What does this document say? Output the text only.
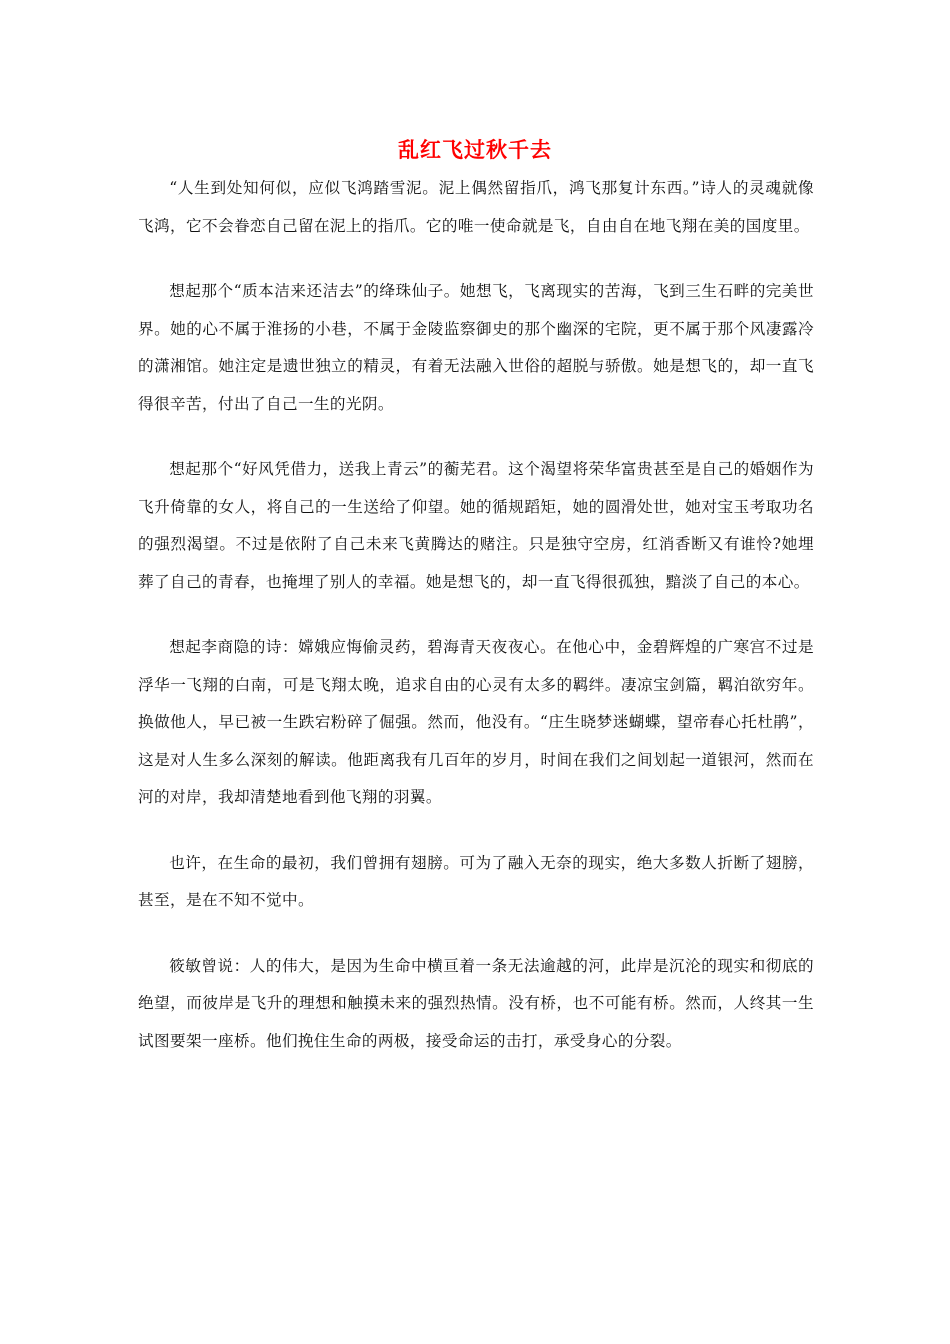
乱红飞过秋千去

“人生到处知何似，应似飞鸿踏雪泥。泥上偶然留指爪，鸿飞那复计东西。”诗人的灵魂就像飞鸿，它不会眷恋自己留在泥上的指爪。它的唯一使命就是飞，自由自在地飞翔在美的国度里。

想起那个“质本洁来还洁去”的绛珠仙子。她想飞，飞离现实的苦海，飞到三生石畔的完美世界。她的心不属于淮扬的小巷，不属于金陵监察御史的那个幽深的宅院，更不属于那个风凄露冷的潇湘馆。她注定是遗世独立的精灵，有着无法融入世俗的超脱与骄傲。她是想飞的，却一直飞得很辛苦，付出了自己一生的光阴。

想起那个“好风凭借力，送我上青云”的蘅芜君。这个渴望将荣华富贵甚至是自己的婚姻作为飞升倚靠的女人，将自己的一生送给了仰望。她的循规蹈矩，她的圆滑处世，她对宝玉考取功名的强烈渴望。不过是依附了自己未来飞黄腾达的赌注。只是独守空房，红消香断又有谁怜?她埋葬了自己的青春，也掩埋了别人的幸福。她是想飞的，却一直飞得很孤独，黯淡了自己的本心。

想起李商隐的诗：嫦娥应悔偷灵药，碧海青天夜夜心。在他心中，金碧辉煌的广寒宫不过是浮华一飞翔的白南，可是飞翔太晚，追求自由的心灵有太多的羁绊。凄凉宝剑篇，羁泊欲穷年。换做他人，早已被一生跌宕粉碎了倔强。然而，他没有。“庄生晓梦迷蝴蝶，望帝春心托杜鹃”，这是对人生多么深刻的解读。他距离我有几百年的岁月，时间在我们之间划起一道银河，然而在河的对岸，我却清楚地看到他飞翔的羽翼。

也许，在生命的最初，我们曾拥有翅膀。可为了融入无奈的现实，绝大多数人折断了翅膀，甚至，是在不知不觉中。

筱敏曾说：人的伟大，是因为生命中横亘着一条无法逾越的河，此岸是沉沦的现实和彻底的绝望，而彼岸是飞升的理想和触摸未来的强烈热情。没有桥，也不可能有桥。然而，人终其一生试图要架一座桥。他们挽住生命的两极，接受命运的击打，承受身心的分裂。
